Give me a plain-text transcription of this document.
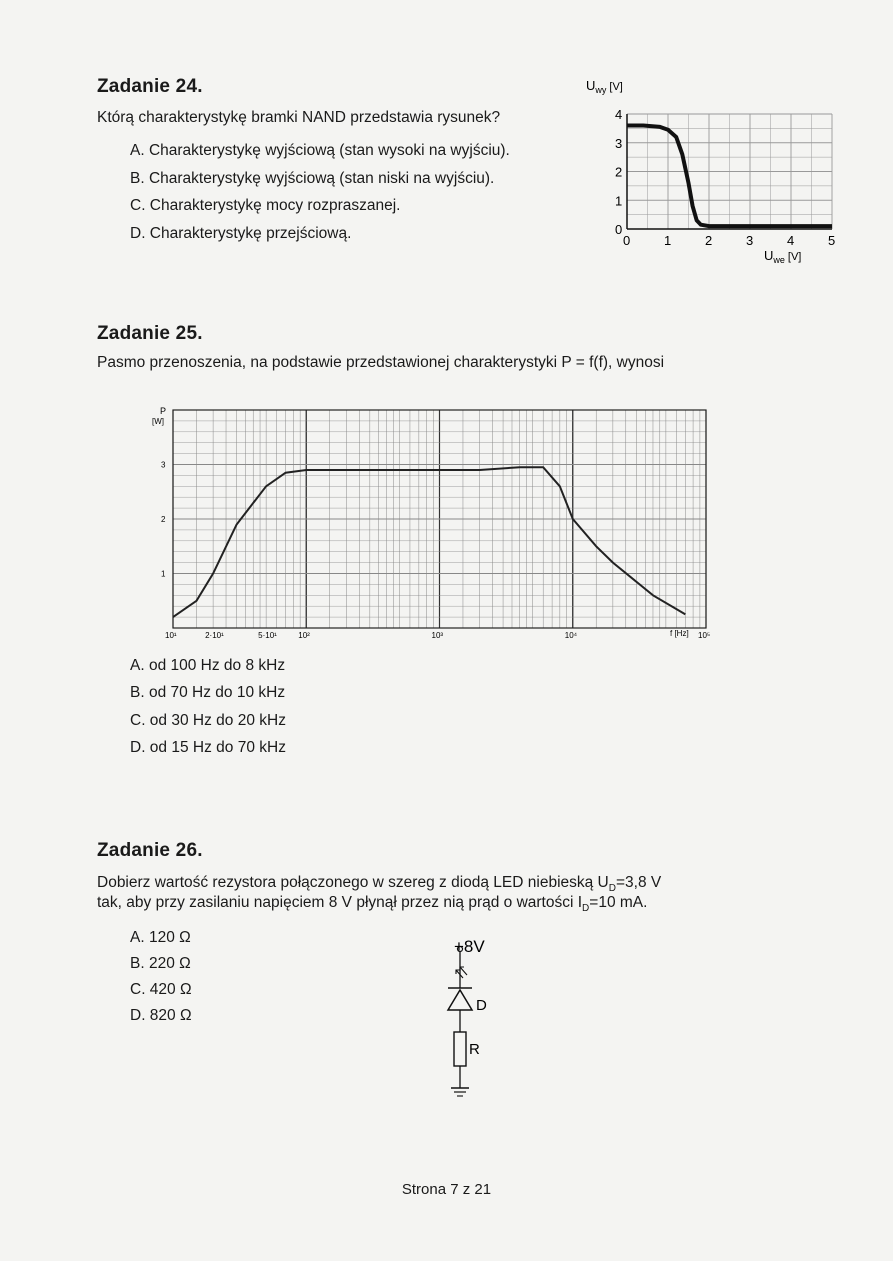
Zadanie 24.
Którą charakterystykę bramki NAND przedstawia rysunek?
A. Charakterystykę wyjściową (stan wysoki na wyjściu).
B. Charakterystykę wyjściową (stan niski na wyjściu).
C. Charakterystykę mocy rozpraszanej.
D. Charakterystykę przejściową.	0	1	2	3	4	5
0
1
2
3
4
$U_{wy}$ [V]
$U_{we}$ [V]
Zadanie 25.
Pasmo przenoszenia, na podstawie przedstawionej charakterystyki P = f(f), wynosi
10¹	2·10¹	5·10¹	10²	10³	10⁴	10⁵
1
2
3
P
[W]
f [Hz]
A. od 100 Hz do 8 kHz
B. od 70 Hz do 10 kHz
C. od 30 Hz do 20 kHz
D. od 15 Hz do 70 kHz
Zadanie 26.
Dobierz wartość rezystora połączonego w szereg z diodą LED niebieską $U_D=3,8$ V
tak, aby przy zasilaniu napięciem 8 V płynął przez nią prąd o wartości $I_D=10$ mA.
A. 120 Ω
B. 220 Ω
C. 420 Ω
D. 820 Ω
+8V
D
R
Strona 7 z 21
